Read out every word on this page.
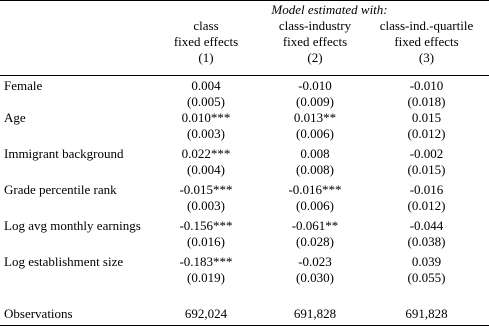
Model estimated with:
class
fixed effects
(1)
class-industry
fixed effects
(2)
class-ind.-quartile
fixed effects
(3)
Female	0.004	-0.010	-0.010
(0.005)	(0.009)	(0.018)
Age	0.010***	0.013**	0.015
(0.003)	(0.006)	(0.012)
Immigrant background	0.022***	0.008	-0.002
(0.004)	(0.008)	(0.015)
Grade percentile rank	-0.015***	-0.016***	-0.016
(0.003)	(0.006)	(0.012)
Log avg monthly earnings	-0.156***	-0.061**	-0.044
(0.016)	(0.028)	(0.038)
Log establishment size	-0.183***	-0.023	0.039
(0.019)	(0.030)	(0.055)
Observations	692,024	691,828	691,828
